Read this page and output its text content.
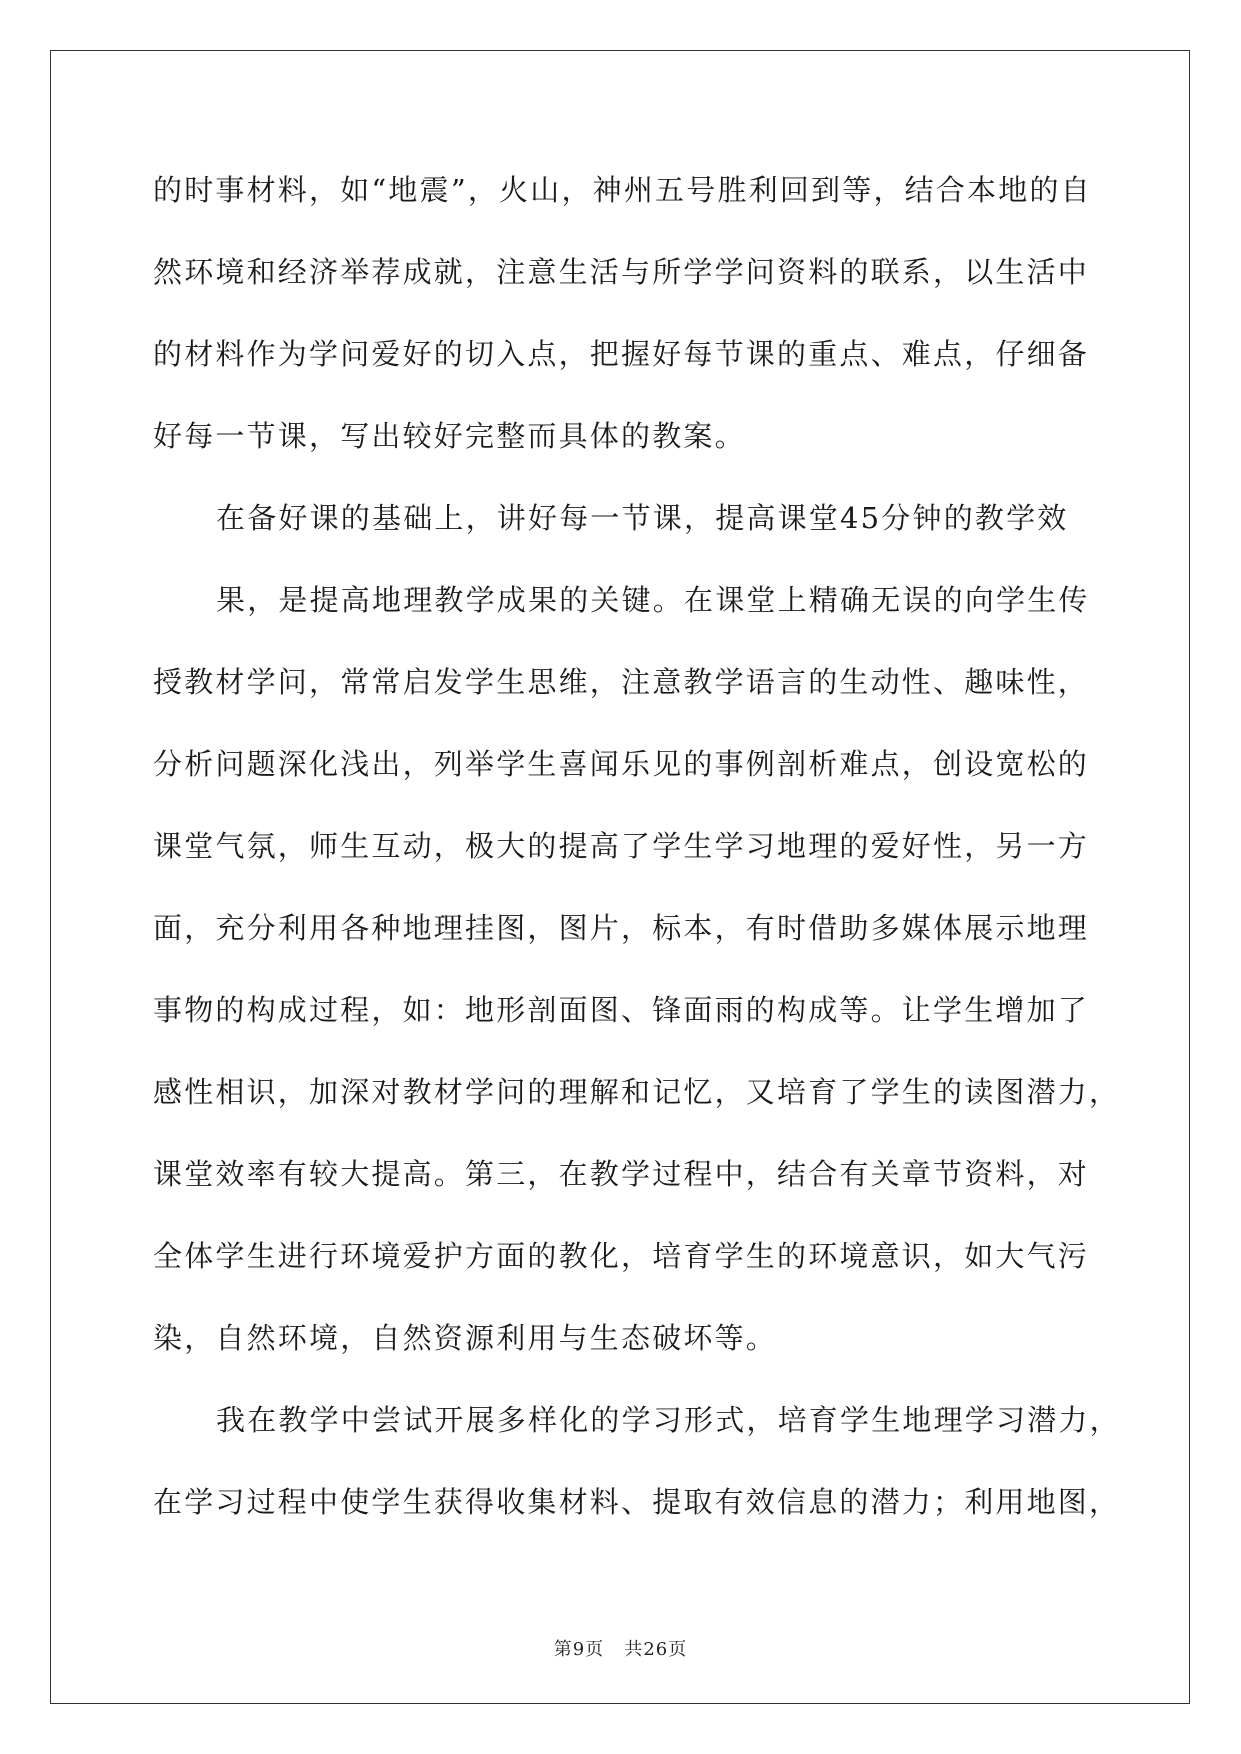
的时事材料，如“地震”，火山，神州五号胜利回到等，结合本地的自
然环境和经济举荐成就，注意生活与所学学问资料的联系，以生活中
的材料作为学问爱好的切入点，把握好每节课的重点、难点，仔细备
好每一节课，写出较好完整而具体的教案。
在备好课的基础上，讲好每一节课，提高课堂45分钟的教学效
果，是提高地理教学成果的关键。在课堂上精确无误的向学生传
授教材学问，常常启发学生思维，注意教学语言的生动性、趣味性，
分析问题深化浅出，列举学生喜闻乐见的事例剖析难点，创设宽松的
课堂气氛，师生互动，极大的提高了学生学习地理的爱好性，另一方
面，充分利用各种地理挂图，图片，标本，有时借助多媒体展示地理
事物的构成过程，如：地形剖面图、锋面雨的构成等。让学生增加了
感性相识，加深对教材学问的理解和记忆，又培育了学生的读图潜力，
课堂效率有较大提高。第三，在教学过程中，结合有关章节资料，对
全体学生进行环境爱护方面的教化，培育学生的环境意识，如大气污
染，自然环境，自然资源利用与生态破坏等。
我在教学中尝试开展多样化的学习形式，培育学生地理学习潜力，
在学习过程中使学生获得收集材料、提取有效信息的潜力；利用地图，
第9页 共26页
